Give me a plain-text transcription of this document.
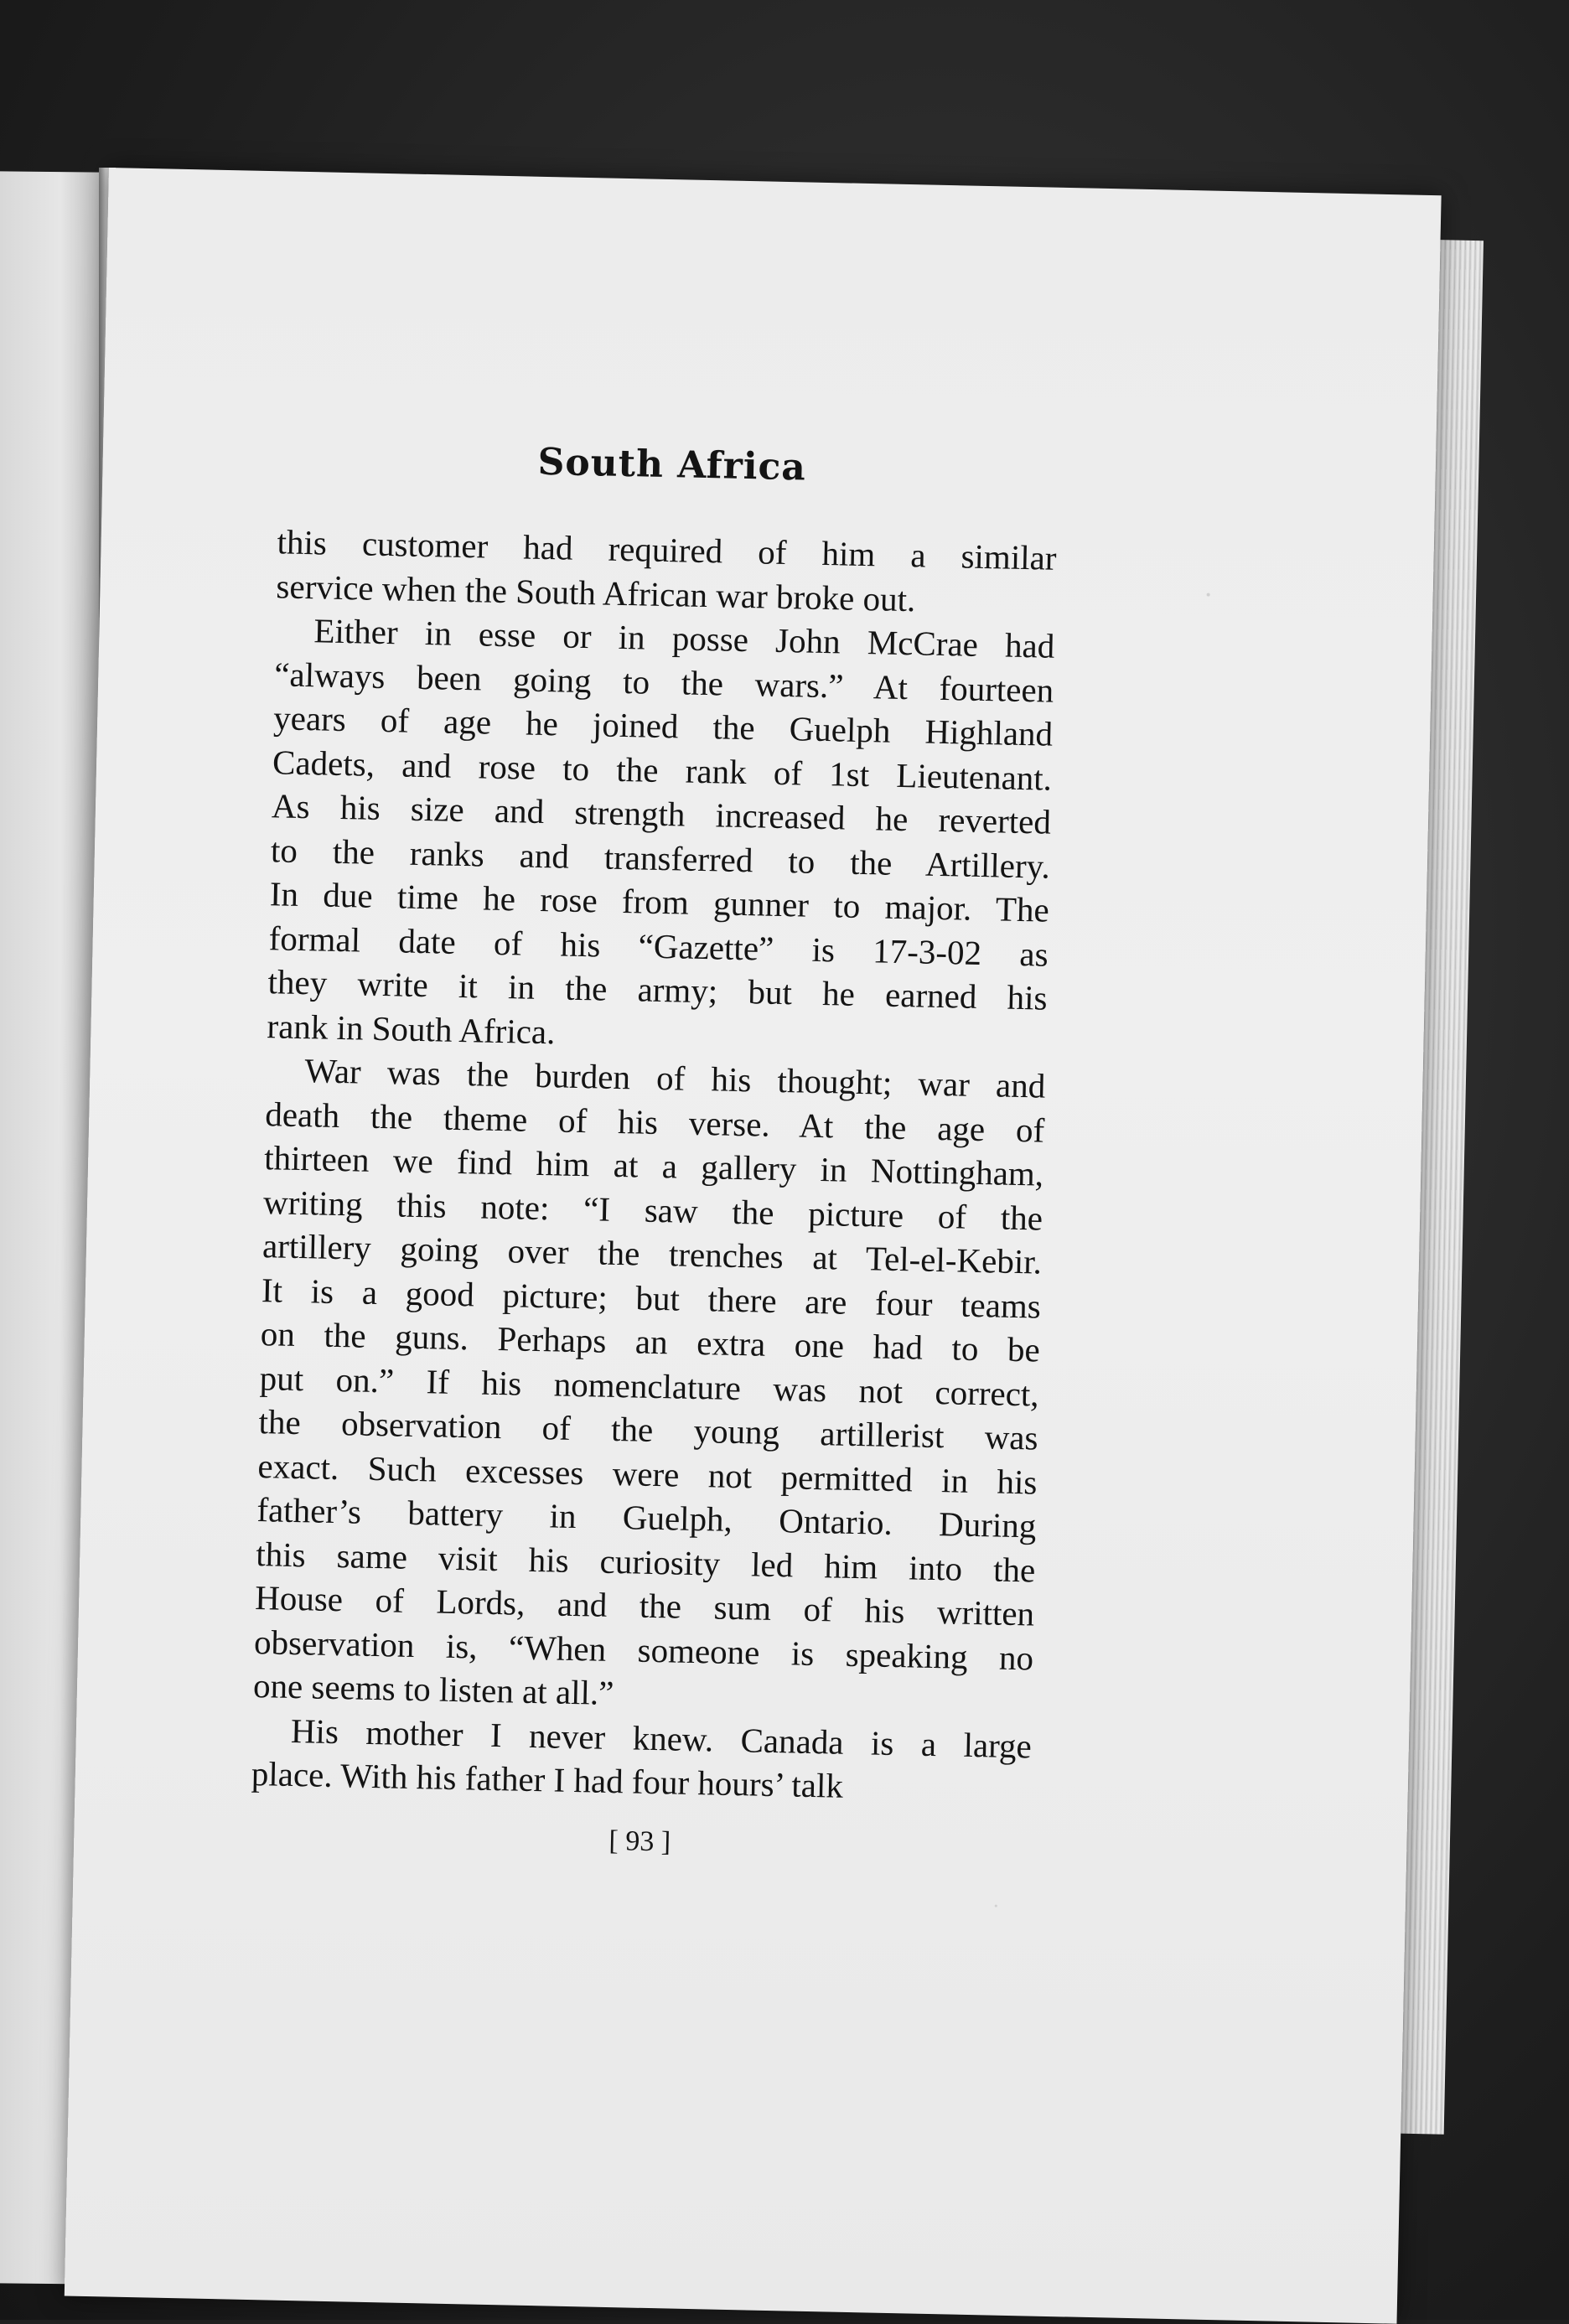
South Africa
this customer had required of him a similar
service when the South African war broke out.
Either in esse or in posse John McCrae had
“always been going to the wars.” At fourteen
years of age he joined the Guelph Highland
Cadets, and rose to the rank of 1st Lieutenant.
As his size and strength increased he reverted
to the ranks and transferred to the Artillery.
In due time he rose from gunner to major. The
formal date of his “Gazette” is 17-3-02 as
they write it in the army; but he earned his
rank in South Africa.
War was the burden of his thought; war and
death the theme of his verse. At the age of
thirteen we find him at a gallery in Nottingham,
writing this note: “I saw the picture of the
artillery going over the trenches at Tel-el-Kebir.
It is a good picture; but there are four teams
on the guns. Perhaps an extra one had to be
put on.” If his nomenclature was not correct,
the observation of the young artillerist was
exact. Such excesses were not permitted in his
father’s battery in Guelph, Ontario. During
this same visit his curiosity led him into the
House of Lords, and the sum of his written
observation is, “When someone is speaking no
one seems to listen at all.”
His mother I never knew. Canada is a large
place. With his father I had four hours’ talk
[ 93 ]
